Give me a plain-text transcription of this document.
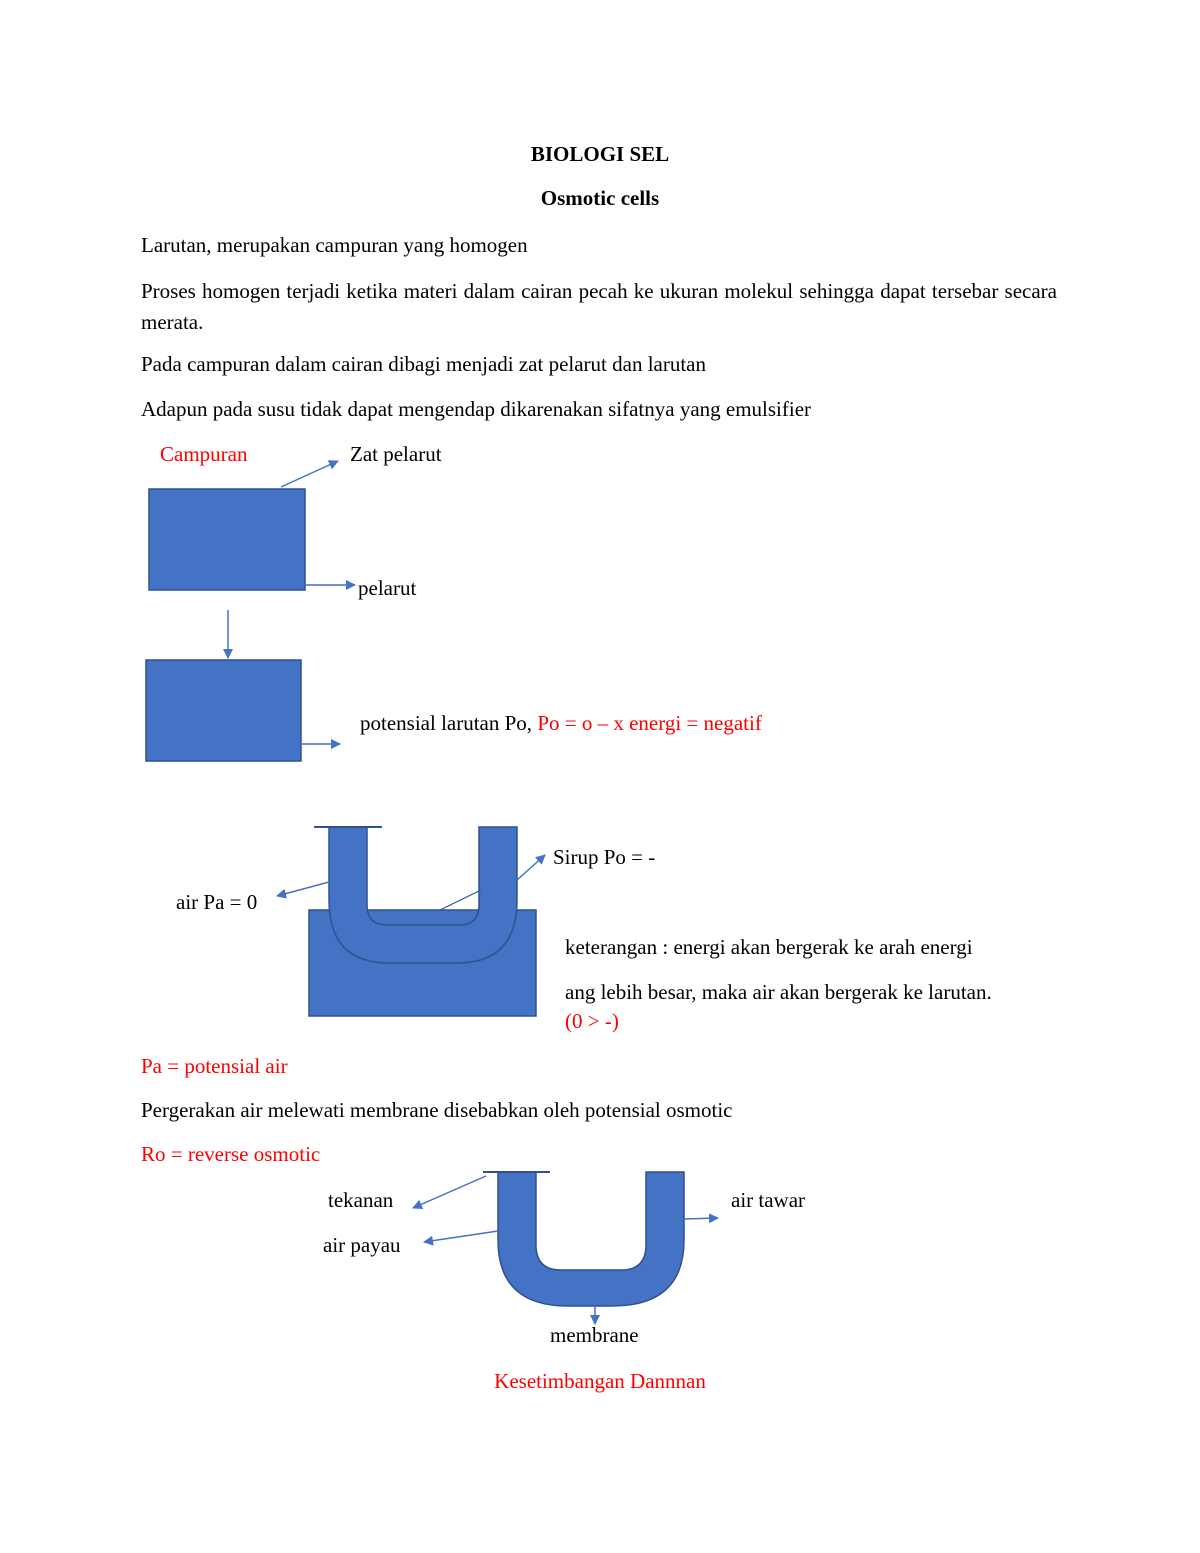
BIOLOGI SEL
Osmotic cells
Larutan, merupakan campuran yang homogen
Proses homogen terjadi ketika materi dalam cairan pecah ke ukuran molekul sehingga dapat tersebar secara merata.
Pada campuran dalam cairan dibagi menjadi zat pelarut dan larutan
Adapun pada susu tidak dapat mengendap dikarenakan sifatnya yang emulsifier
Campuran	Zat pelarut
pelarut
potensial larutan Po, Po = o – x energi = negatif
Sirup Po = -
air Pa = 0
keterangan : energi akan bergerak ke arah energi
ang lebih besar, maka air akan bergerak ke larutan.
(0 > -)
Pa = potensial air
Pergerakan air melewati membrane disebabkan oleh potensial osmotic
Ro = reverse osmotic
tekanan
air payau
air tawar
membrane
Kesetimbangan Dannnan
